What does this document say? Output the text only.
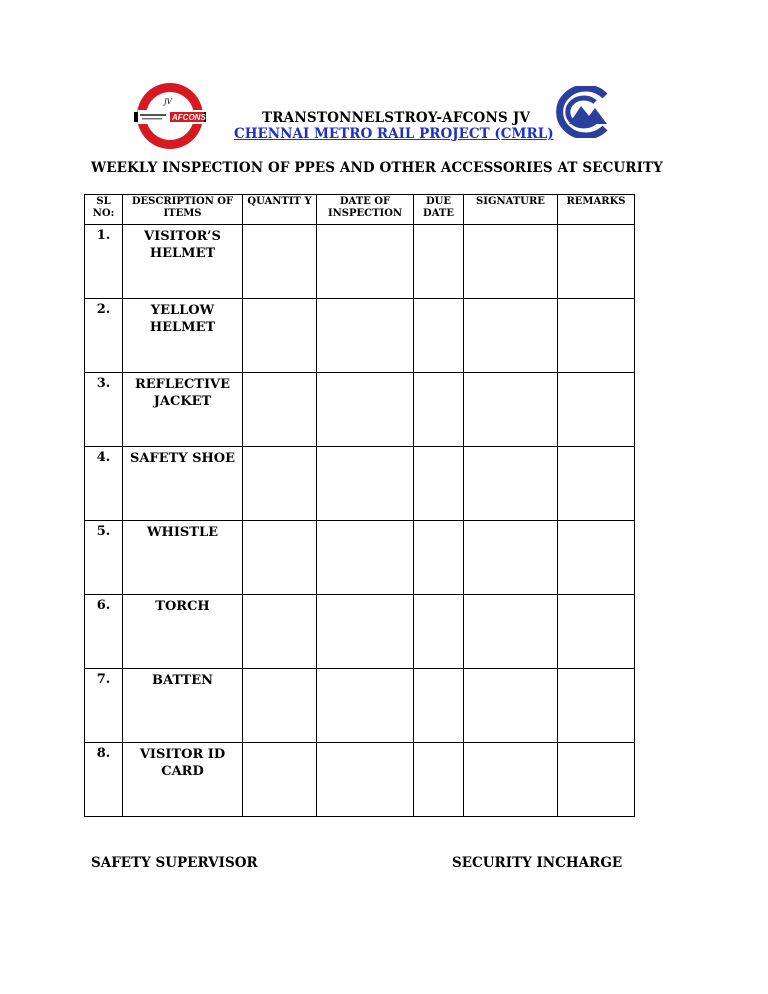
JV
AFCONS	TRANSTONNELSTROY-AFCONS JV
CHENNAI METRO RAIL PROJECT (CMRL)
WEEKLY INSPECTION OF PPES AND OTHER ACCESSORIES AT SECURITY
SL NO:	DESCRIPTION OF ITEMS	QUANTIT Y	DATE OF INSPECTION	DUE DATE	SIGNATURE	REMARKS
1.	VISITOR’S HELMET					
2.	YELLOW HELMET					
3.	REFLECTIVE JACKET					
4.	SAFETY SHOE					
5.	WHISTLE					
6.	TORCH					
7.	BATTEN					
8.	VISITOR ID CARD					
SAFETY SUPERVISOR	SECURITY INCHARGE
